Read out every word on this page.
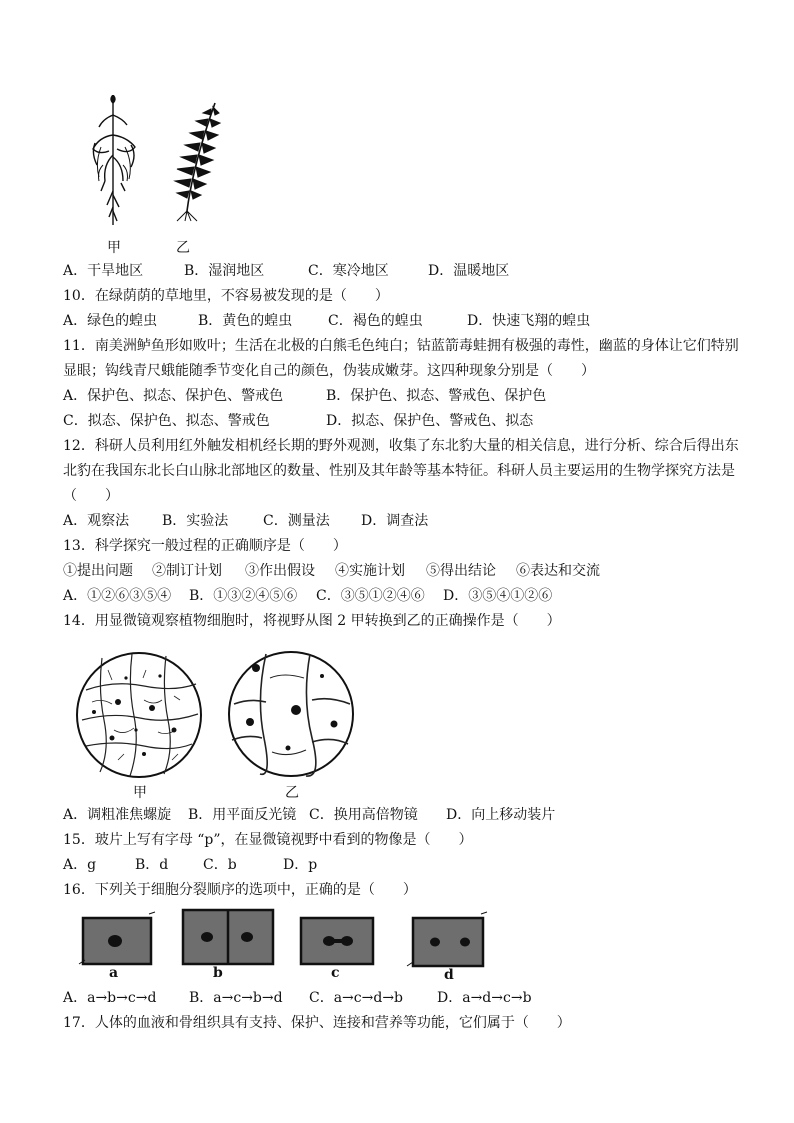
甲	乙
A．干旱地区	B．湿润地区	C．寒冷地区	D．温暖地区
10．在绿荫荫的草地里，不容易被发现的是（　　）
A．绿色的蝗虫	B．黄色的蝗虫	C．褐色的蝗虫	D．快速飞翔的蝗虫
11．南美洲鲈鱼形如败叶；生活在北极的白熊毛色纯白；钴蓝箭毒蛙拥有极强的毒性，幽蓝的身体让它们特别
显眼；钩线青尺蛾能随季节变化自己的颜色，伪装成嫩芽。这四种现象分别是（　　）
A．保护色、拟态、保护色、警戒色	B．保护色、拟态、警戒色、保护色
C．拟态、保护色、拟态、警戒色	D．拟态、保护色、警戒色、拟态
12．科研人员利用红外触发相机经长期的野外观测，收集了东北豹大量的相关信息，进行分析、综合后得出东
北豹在我国东北长白山脉北部地区的数量、性别及其年龄等基本特征。科研人员主要运用的生物学探究方法是
（　　）
A．观察法 B．实验法 C．测量法 D．调查法
13．科学探究一般过程的正确顺序是（　　）
①提出问题 ②制订计划 ③作出假设 ④实施计划 ⑤得出结论 ⑥表达和交流
A．①②⑥③⑤④ B．①③②④⑤⑥ C．③⑤①②④⑥ D．③⑤④①②⑥
14．用显微镜观察植物细胞时，将视野从图 2 甲转换到乙的正确操作是（　　）
甲	乙
A．调粗准焦螺旋 B．用平面反光镜 C．换用高倍物镜 D．向上移动装片
15．玻片上写有字母 “p”，在显微镜视野中看到的物像是（　　）
A．g	B．d C．b	D．p
16．下列关于细胞分裂顺序的选项中，正确的是（　　）
a	b	c	d
A．a→b→c→d B．a→c→b→d C．a→c→d→b D．a→d→c→b
17．人体的血液和骨组织具有支持、保护、连接和营养等功能，它们属于（　　）
